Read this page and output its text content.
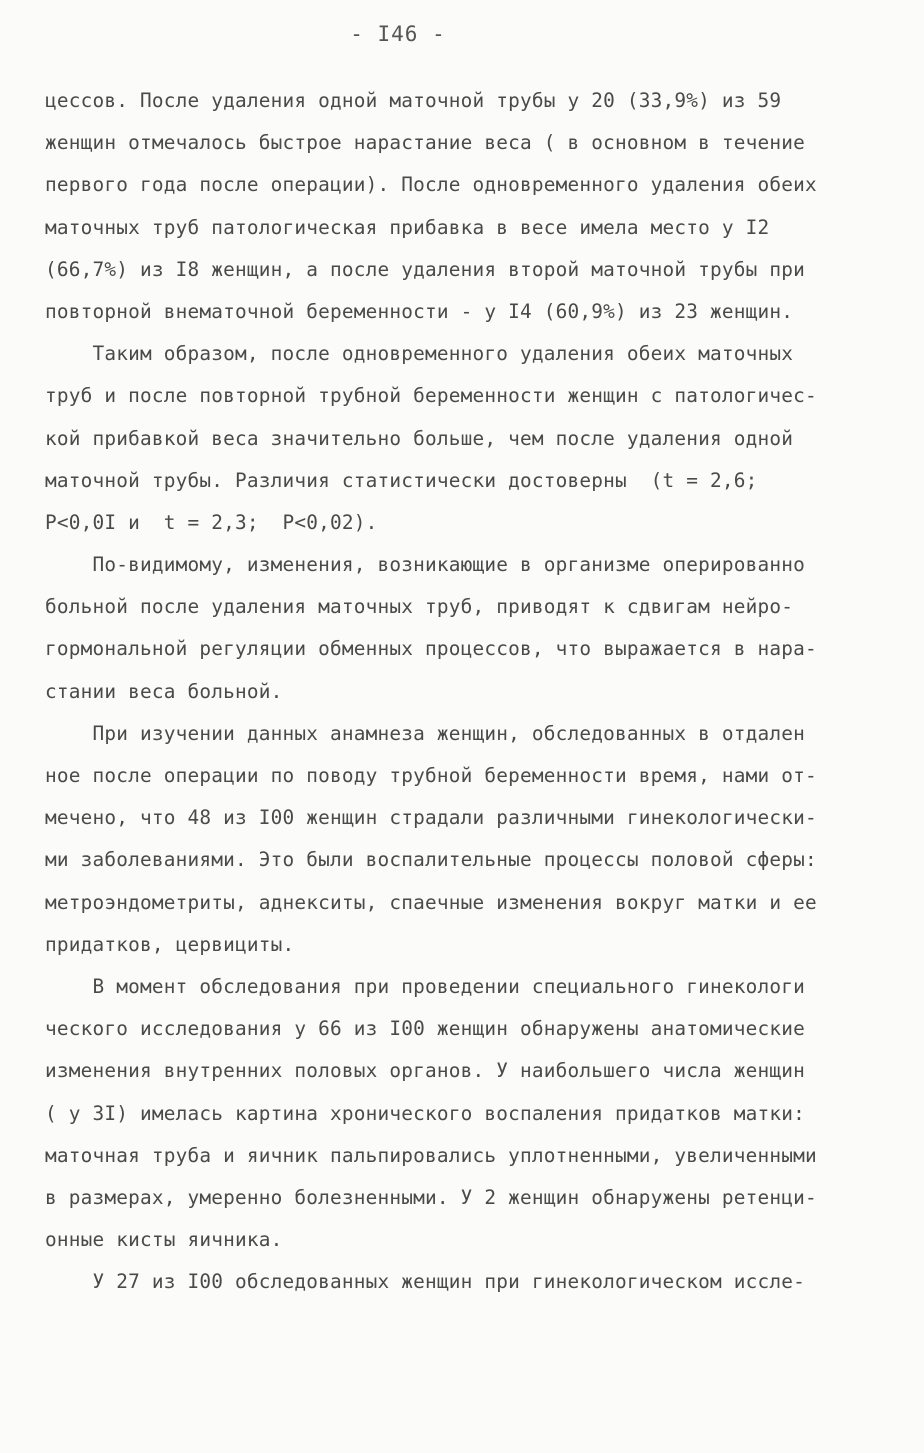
- I46 -
цессов. После удаления одной маточной трубы у 20 (33,9%) из 59
женщин отмечалось быстрое нарастание веса ( в основном в течение
первого года после операции). После одновременного удаления обеих
маточных труб патологическая прибавка в весе имела место у I2
(66,7%) из I8 женщин, а после удаления второй маточной трубы при
повторной внематочной беременности - у I4 (60,9%) из 23 женщин.
Таким образом, после одновременного удаления обеих маточных
труб и после повторной трубной беременности женщин с патологичес-
кой прибавкой веса значительно больше, чем после удаления одной
маточной трубы. Различия статистически достоверны  (t = 2,6;
P<0,0I и  t = 2,3;  P<0,02).
По-видимому, изменения, возникающие в организме оперированно
больной после удаления маточных труб, приводят к сдвигам нейро-
гормональной регуляции обменных процессов, что выражается в нара-
стании веса больной.
При изучении данных анамнеза женщин, обследованных в отдален
ное после операции по поводу трубной беременности время, нами от-
мечено, что 48 из I00 женщин страдали различными гинекологически-
ми заболеваниями. Это были воспалительные процессы половой сферы:
метроэндометриты, аднекситы, спаечные изменения вокруг матки и ее
придатков, цервициты.
В момент обследования при проведении специального гинекологи
ческого исследования у 66 из I00 женщин обнаружены анатомические
изменения внутренних половых органов. У наибольшего числа женщин
( у 3I) имелась картина хронического воспаления придатков матки:
маточная труба и яичник пальпировались уплотненными, увеличенными
в размерах, умеренно болезненными. У 2 женщин обнаружены ретенци-
онные кисты яичника.
У 27 из I00 обследованных женщин при гинекологическом иссле-
